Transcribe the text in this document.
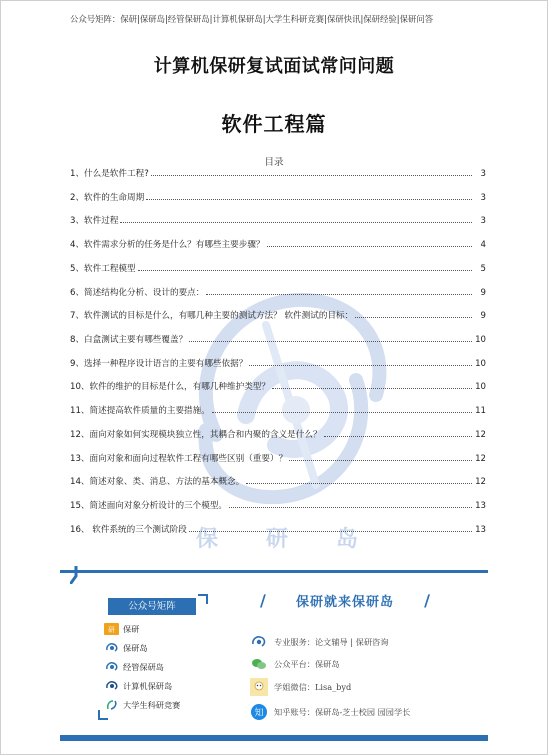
公众号矩阵：保研|保研岛|经管保研岛|计算机保研岛|大学生科研竞赛|保研快讯|保研经验|保研问答
计算机保研复试面试常问问题
软件工程篇
目录
保 研 岛
1、什么是软件工程?	3
2、软件的生命周期	3
3、软件过程	3
4、软件需求分析的任务是什么？有哪些主要步骤？	4
5、软件工程模型	5
6、简述结构化分析、设计的要点：	9
7、软件测试的目标是什么，有哪几种主要的测试方法？ 软件测试的目标：	9
8、白盒测试主要有哪些覆盖？	10
9、选择一种程序设计语言的主要有哪些依据？	10
10、软件的维护的目标是什么，有哪几种维护类型？	10
11、简述提高软件质量的主要措施。	11
12、面向对象如何实现模块独立性，其耦合和内聚的含义是什么？	12
13、面向对象和面向过程软件工程有哪些区别（重要）？	12
14、简述对象、类、消息、方法的基本概念。	12
15、简述面向对象分析设计的三个模型。	13
16、 软件系统的三个测试阶段	13
公众号矩阵
研 保研
保研岛
经管保研岛
计算机保研岛
大学生科研竞赛
∕ 保研就来保研岛 ∕
专业服务：论文辅导 | 保研咨询
公众平台：保研岛
学姐微信：Lisa_byd
知 知乎账号：保研岛-芝士校园 园园学长
